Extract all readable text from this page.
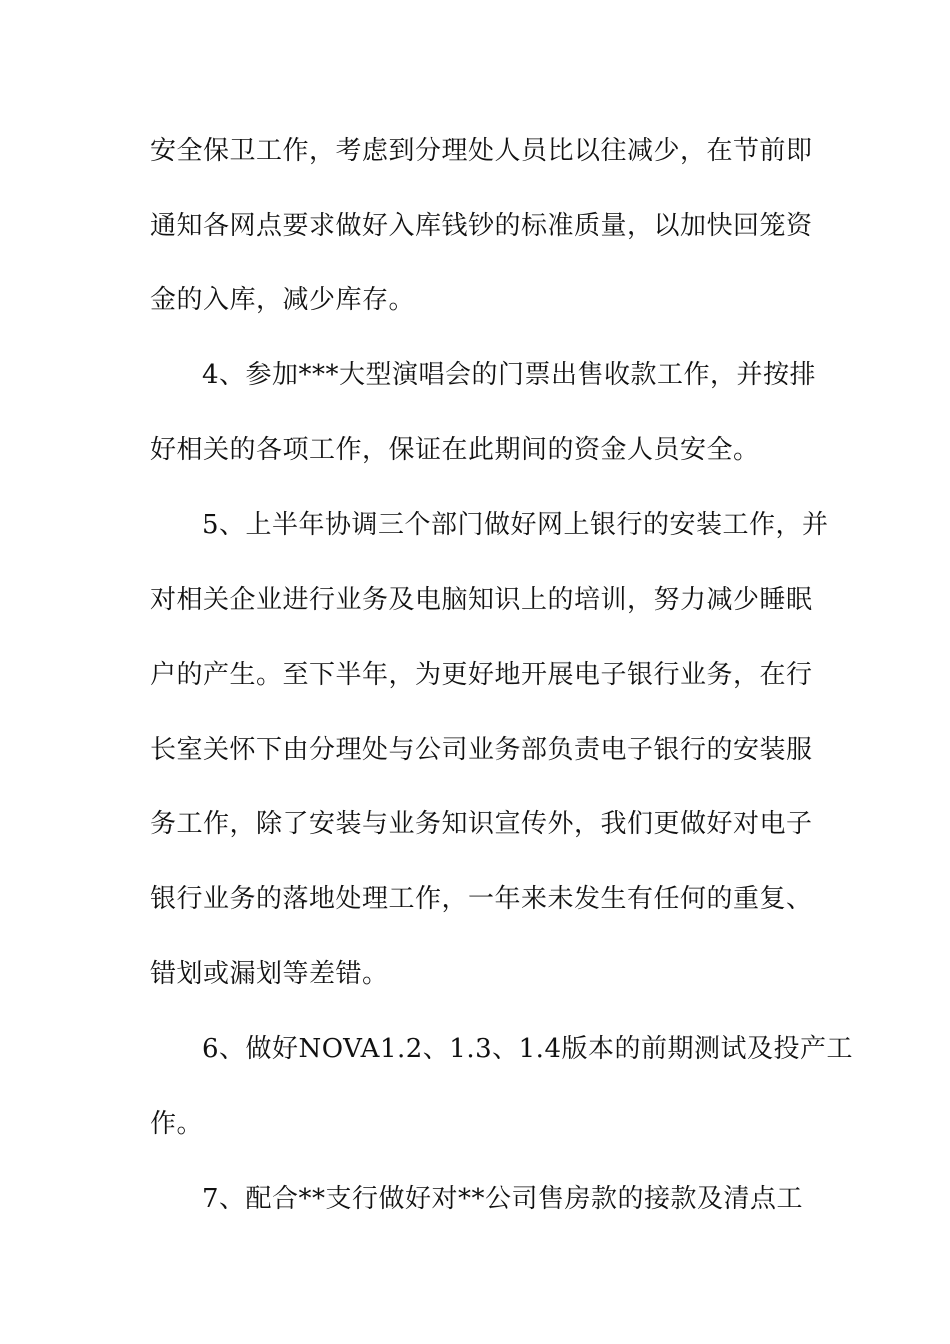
安全保卫工作，考虑到分理处人员比以往减少，在节前即
通知各网点要求做好入库钱钞的标准质量，以加快回笼资
金的入库，减少库存。
4、参加***大型演唱会的门票出售收款工作，并按排
好相关的各项工作，保证在此期间的资金人员安全。
5、上半年协调三个部门做好网上银行的安装工作，并
对相关企业进行业务及电脑知识上的培训，努力减少睡眠
户的产生。至下半年，为更好地开展电子银行业务，在行
长室关怀下由分理处与公司业务部负责电子银行的安装服
务工作，除了安装与业务知识宣传外，我们更做好对电子
银行业务的落地处理工作，一年来未发生有任何的重复、
错划或漏划等差错。
6、做好NOVA1.2、1.3、1.4版本的前期测试及投产工
作。
7、配合**支行做好对**公司售房款的接款及清点工
